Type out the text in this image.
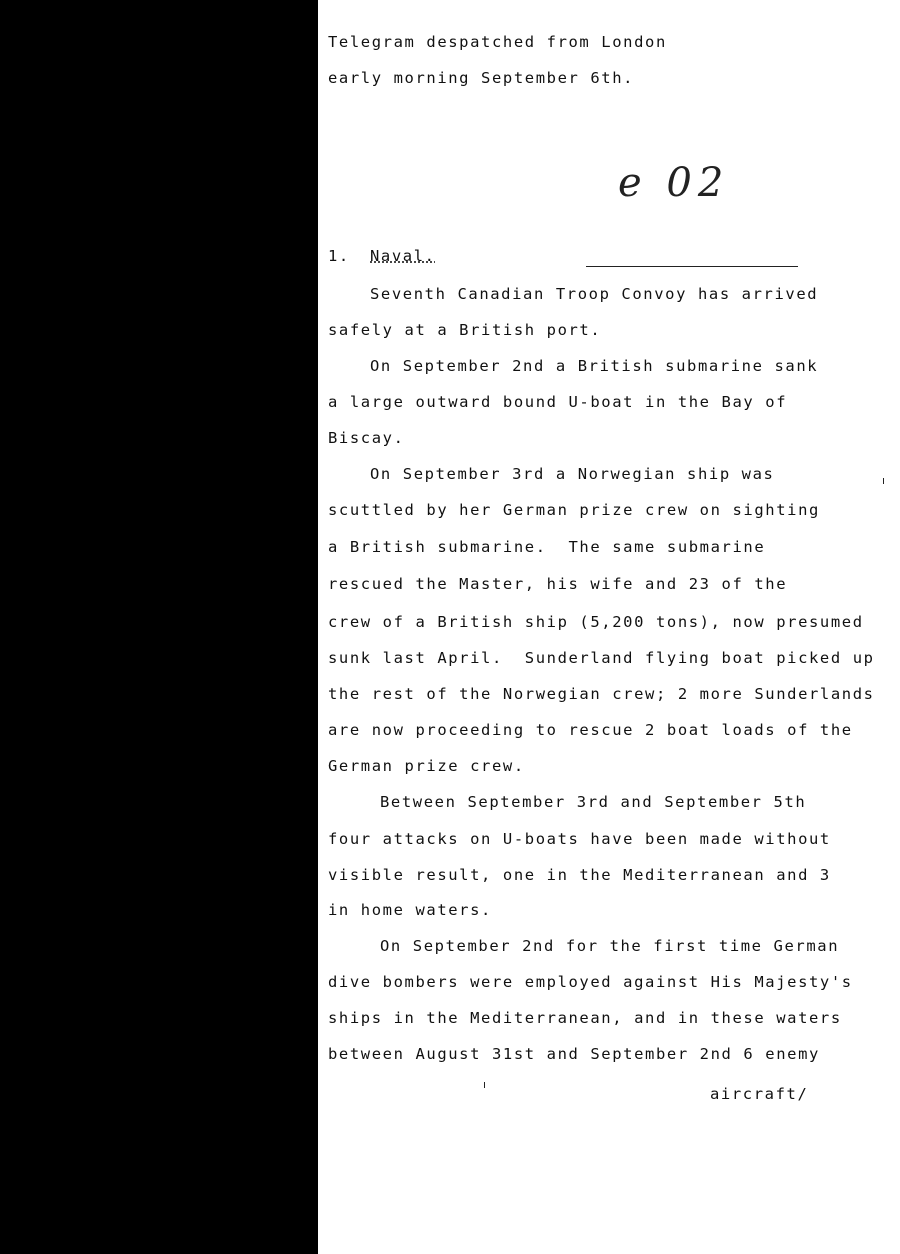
Telegram despatched from London
early morning September 6th.
e 02
1. Naval.
Seventh Canadian Troop Convoy has arrived
safely at a British port.
On September 2nd a British submarine sank
a large outward bound U-boat in the Bay of
Biscay.
On September 3rd a Norwegian ship was
scuttled by her German prize crew on sighting
a British submarine.  The same submarine
rescued the Master, his wife and 23 of the
crew of a British ship (5,200 tons), now presumed
sunk last April.  Sunderland flying boat picked up
the rest of the Norwegian crew; 2 more Sunderlands
are now proceeding to rescue 2 boat loads of the
German prize crew.
Between September 3rd and September 5th
four attacks on U-boats have been made without
visible result, one in the Mediterranean and 3
in home waters.
On September 2nd for the first time German
dive bombers were employed against His Majesty's
ships in the Mediterranean, and in these waters
between August 31st and September 2nd 6 enemy
aircraft/
